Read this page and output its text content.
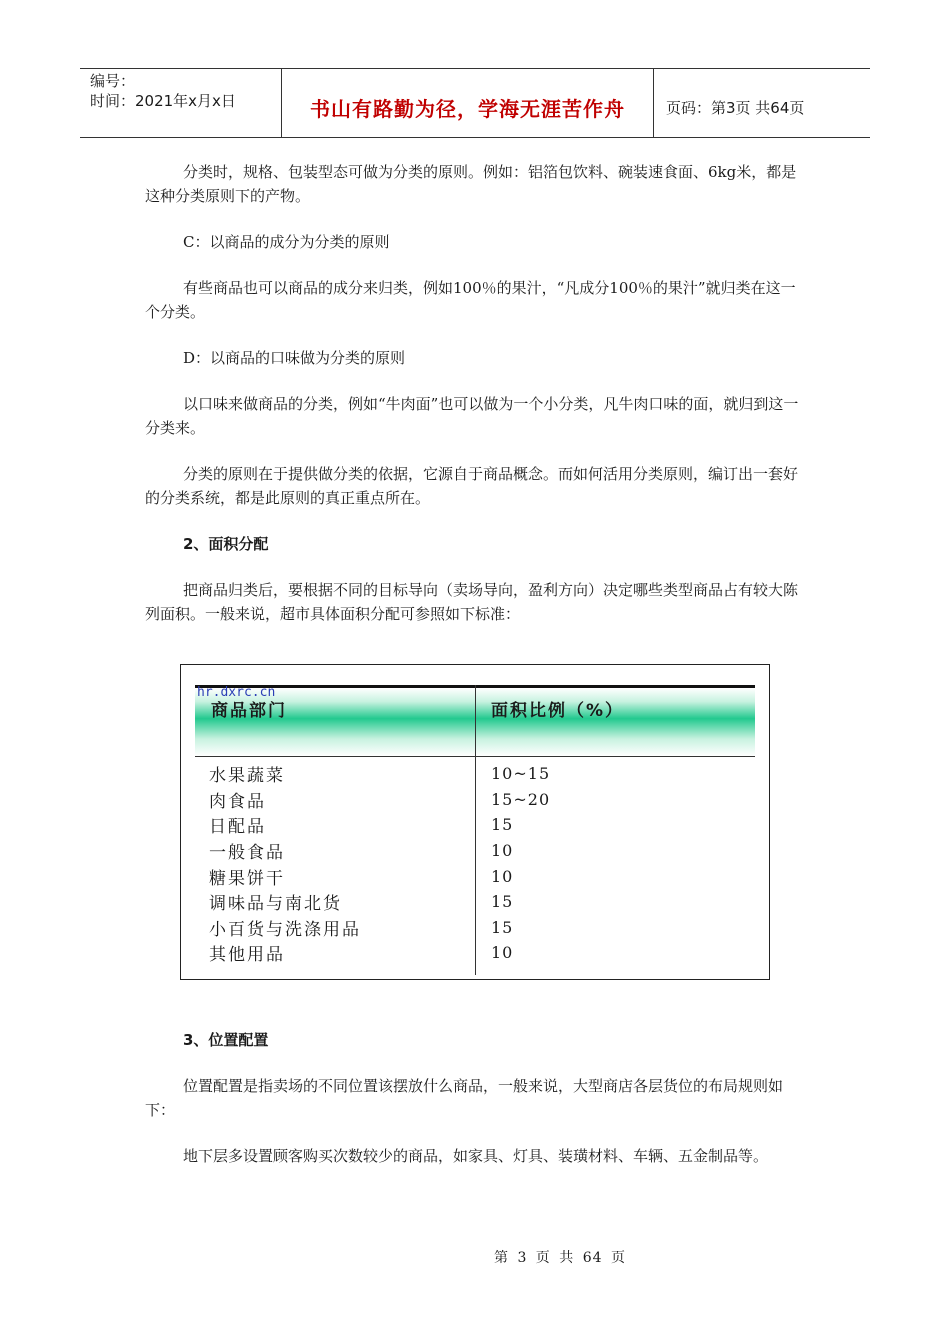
编号：
时间：2021年x月x日	书山有路勤为径，学海无涯苦作舟	页码：第3页 共64页

分类时，规格、包装型态可做为分类的原则。例如：铝箔包饮料、碗装速食面、6kg米，都是这种分类原则下的产物。

C：以商品的成分为分类的原则

有些商品也可以商品的成分来归类，例如100％的果汁，“凡成分100％的果汁”就归类在这一个分类。

D：以商品的口味做为分类的原则

以口味来做商品的分类，例如“牛肉面”也可以做为一个小分类，凡牛肉口味的面，就归到这一分类来。

分类的原则在于提供做分类的依据，它源自于商品概念。而如何活用分类原则，编订出一套好的分类系统，都是此原则的真正重点所在。

2、面积分配

把商品归类后，要根据不同的目标导向（卖场导向，盈利方向）决定哪些类型商品占有较大陈列面积。一般来说，超市具体面积分配可参照如下标准：

商品部门	面积比例（%）
hr.dxrc.cn
水果蔬菜	10~15
肉食品	15~20
日配品	15
一般食品	10
糖果饼干	10
调味品与南北货	15
小百货与洗涤用品	15
其他用品	10

3、位置配置

位置配置是指卖场的不同位置该摆放什么商品，一般来说，大型商店各层货位的布局规则如下：

地下层多设置顾客购买次数较少的商品，如家具、灯具、装璜材料、车辆、五金制品等。

第 3 页 共 64 页
